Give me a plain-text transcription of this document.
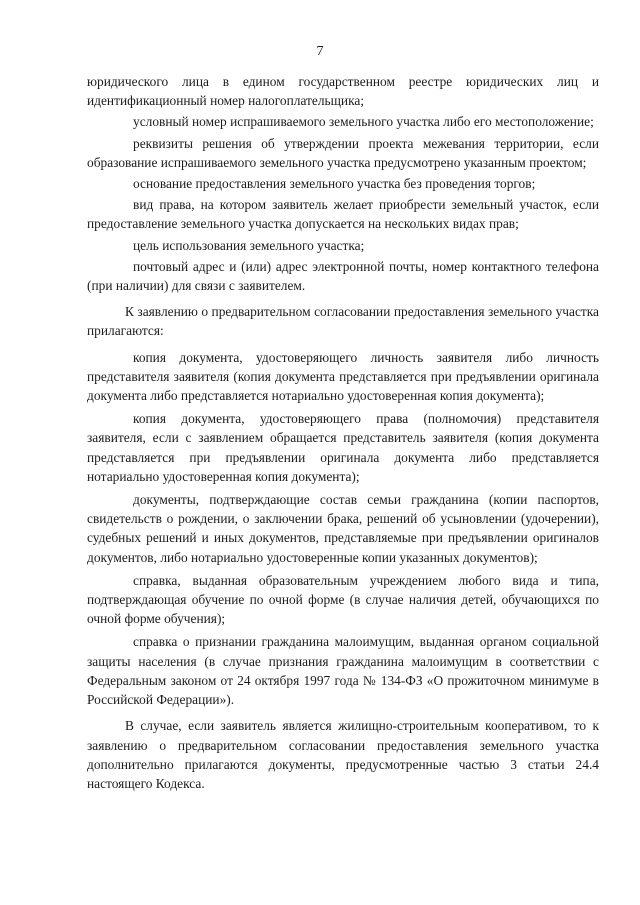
7

юридического лица в едином государственном реестре юридических лиц и идентификационный номер налогоплательщика;

условный номер испрашиваемого земельного участка либо его местоположение;

реквизиты решения об утверждении проекта межевания территории, если образование испрашиваемого земельного участка предусмотрено указанным проектом;

основание предоставления земельного участка без проведения торгов;

вид права, на котором заявитель желает приобрести земельный участок, если предоставление земельного участка допускается на нескольких видах прав;

цель использования земельного участка;

почтовый адрес и (или) адрес электронной почты, номер контактного телефона (при наличии) для связи с заявителем.

К заявлению о предварительном согласовании предоставления земельного участка прилагаются:

копия документа, удостоверяющего личность заявителя либо личность представителя заявителя (копия документа представляется при предъявлении оригинала документа либо представляется нотариально удостоверенная копия документа);

копия документа, удостоверяющего права (полномочия) представителя заявителя, если с заявлением обращается представитель заявителя (копия документа представляется при предъявлении оригинала документа либо представляется нотариально удостоверенная копия документа);

документы, подтверждающие состав семьи гражданина (копии паспортов, свидетельств о рождении, о заключении брака, решений об усыновлении (удочерении), судебных решений и иных документов, представляемые при предъявлении оригиналов документов, либо нотариально удостоверенные копии указанных документов);

справка, выданная образовательным учреждением любого вида и типа, подтверждающая обучение по очной форме (в случае наличия детей, обучающихся по очной форме обучения);

справка о признании гражданина малоимущим, выданная органом социальной защиты населения (в случае признания гражданина малоимущим в соответствии с Федеральным законом от 24 октября 1997 года № 134-ФЗ «О прожиточном минимуме в Российской Федерации»).

В случае, если заявитель является жилищно-строительным кооперативом, то к заявлению о предварительном согласовании предоставления земельного участка дополнительно прилагаются документы, предусмотренные частью 3 статьи 24.4 настоящего Кодекса.
